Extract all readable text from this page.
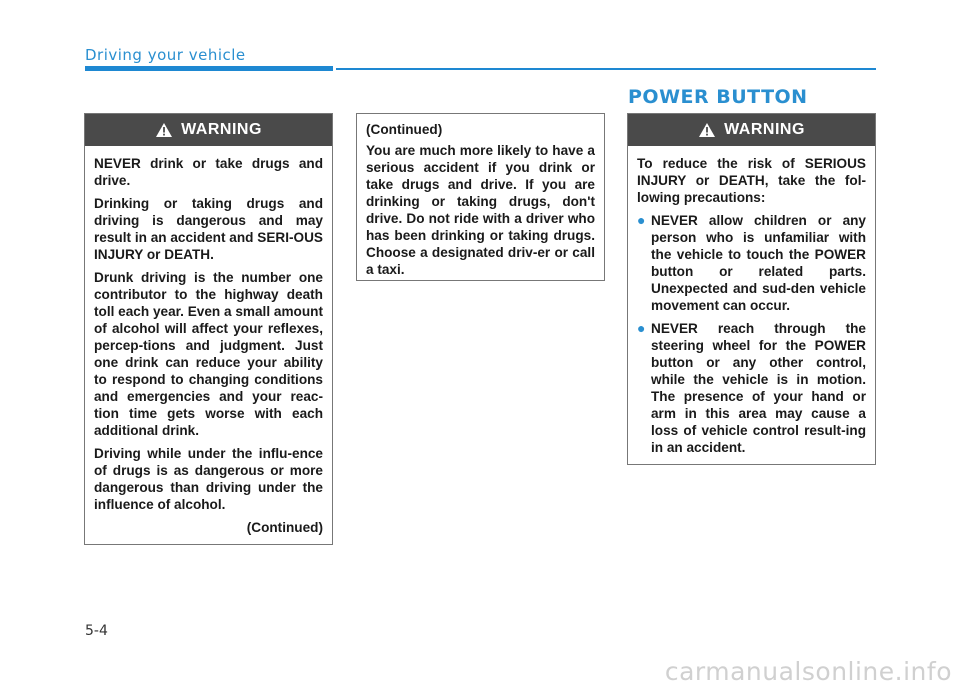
Driving your vehicle
POWER BUTTON
WARNING

NEVER drink or take drugs and drive.

Drinking or taking drugs and driving is dangerous and may result in an accident and SERI-OUS INJURY or DEATH.

Drunk driving is the number one contributor to the highway death toll each year. Even a small amount of alcohol will affect your reflexes, percep-tions and judgment. Just one drink can reduce your ability to respond to changing conditions and emergencies and your reac-tion time gets worse with each additional drink.

Driving while under the influ-ence of drugs is as dangerous or more dangerous than driving under the influence of alcohol.

(Continued)

(Continued)

You are much more likely to have a serious accident if you drink or take drugs and drive. If you are drinking or taking drugs, don't drive. Do not ride with a driver who has been drinking or taking drugs. Choose a designated driv-er or call a taxi.

WARNING

To reduce the risk of SERIOUS INJURY or DEATH, take the fol-lowing precautions:

● NEVER allow children or any person who is unfamiliar with the vehicle to touch the POWER button or related parts. Unexpected and sud-den vehicle movement can occur.
● NEVER reach through the steering wheel for the POWER button or any other control, while the vehicle is in motion. The presence of your hand or arm in this area may cause a loss of vehicle control result-ing in an accident.
5-4
carmanualsonline.info
